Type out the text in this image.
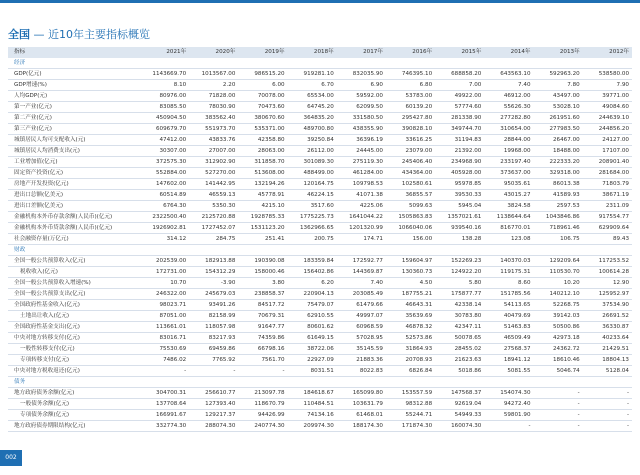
全国 — 近10年主要指标概览
指标	2021年	2020年	2019年	2018年	2017年	2016年	2015年	2014年	2013年	2012年
经济										
GDP(亿元)	1143669.70	1013567.00	986515.20	919281.10	832035.90	746395.10	688858.20	643563.10	592963.20	538580.00
GDP增速(%)	8.10	2.20	6.00	6.70	6.90	6.80	7.00	7.40	7.80	7.90
人均GDP(元)	80976.00	71828.00	70078.00	65534.00	59592.00	53783.00	49922.00	46912.00	43497.00	39771.00
第一产业(亿元)	83085.50	78030.90	70473.60	64745.20	62099.50	60139.20	57774.60	55626.30	53028.10	49084.60
第二产业(亿元)	450904.50	383562.40	380670.60	364835.20	331580.50	295427.80	281338.90	277282.80	261951.60	244639.10
第三产业(亿元)	609679.70	551973.70	535371.00	489700.80	438355.90	390828.10	349744.70	310654.00	277983.50	244856.20
城镇居民人均可支配收入(元)	47412.00	43833.76	42358.80	39250.84	36396.19	33616.25	31194.83	28844.00	26467.00	24127.00
城镇居民人均消费支出(元)	30307.00	27007.00	28063.00	26112.00	24445.00	23079.00	21392.00	19968.00	18488.00	17107.00
工业增加值(亿元)	372575.30	312902.90	311858.70	301089.30	275119.30	245406.40	234968.90	233197.40	222333.20	208901.40
固定资产投资(亿元)	552884.00	527270.00	513608.00	488499.00	461284.00	434364.00	405928.00	373637.00	329318.00	281684.00
房地产开发投资(亿元)	147602.00	141442.95	132194.26	120164.75	109798.53	102580.61	95978.85	95035.61	86013.38	71803.79
进出口总额(亿美元)	60514.89	46559.13	45778.91	46224.15	41071.38	36855.57	39530.33	43015.27	41589.93	38671.19
进出口差额(亿美元)	6764.30	5350.30	4215.10	3517.60	4225.06	5099.63	5945.04	3824.58	2597.53	2311.09
金融机构本外币存款余额(人民币)(亿元)	2322500.40	2125720.88	1928785.33	1775225.73	1641044.22	1505863.83	1357021.61	1138644.64	1043846.86	917554.77
金融机构本外币贷款余额(人民币)(亿元)	1926902.81	1727452.07	1531123.20	1362966.65	1201320.99	1066040.06	939540.16	816770.01	718961.46	629909.64
社会融资存量(万亿元)	314.12	284.75	251.41	200.75	174.71	156.00	138.28	123.08	106.75	89.43
财政										
全国一般公共预算收入(亿元)	202539.00	182913.88	190390.08	183359.84	172592.77	159604.97	152269.23	140370.03	129209.64	117253.52
税收收入(亿元)	172731.00	154312.29	158000.46	156402.86	144369.87	130360.73	124922.20	119175.31	110530.70	100614.28
全国一般公共预算收入增速(%)	10.70	-3.90	3.80	6.20	7.40	4.50	5.80	8.60	10.20	12.90
全国一般公共预算支出(亿元)	246322.00	245679.03	238858.37	220904.13	203085.49	187755.21	175877.77	151785.56	140212.10	125952.97
全国政府性基金收入(亿元)	98023.71	93491.26	84517.72	75479.07	61479.66	46643.31	42338.14	54113.65	52268.75	37534.90
土地出让收入(亿元)	87051.00	82158.99	70679.31	62910.55	49997.07	35639.69	30783.80	40479.69	39142.03	26691.52
全国政府性基金支出(亿元)	113661.01	118057.98	91647.77	80601.62	60968.59	46878.32	42347.11	51463.83	50500.86	36330.87
中央对地方转移支付(亿元)	83016.71	83217.93	74359.86	61649.15	57028.95	52573.86	50078.65	46509.49	42973.18	40233.64
一般性转移支付(亿元)	75530.69	69459.86	66798.16	38722.06	35145.59	31864.93	28455.02	27568.37	24362.72	21429.51
专项转移支付(亿元)	7486.02	7765.92	7561.70	22927.09	21883.36	20708.93	21623.63	18941.12	18610.46	18804.13
中央对地方税收返还(亿元)	-	-	-	8031.51	8022.83	6826.84	5018.86	5081.55	5046.74	5128.04
债务										
地方政府债务余额(亿元)	304700.31	256610.77	213097.78	184618.67	165099.80	153557.59	147568.37	154074.30	-	-
一般债务余额(亿元)	137708.64	127393.40	118670.79	110484.51	103631.79	98312.88	92619.04	94272.40	-	-
专项债务余额(亿元)	166991.67	129217.37	94426.99	74134.16	61468.01	55244.71	54949.33	59801.90	-	-
地方政府债券期限结构(亿元)	332774.30	288074.30	240774.30	209974.30	188174.30	171874.30	160074.30	-	-	-
002
